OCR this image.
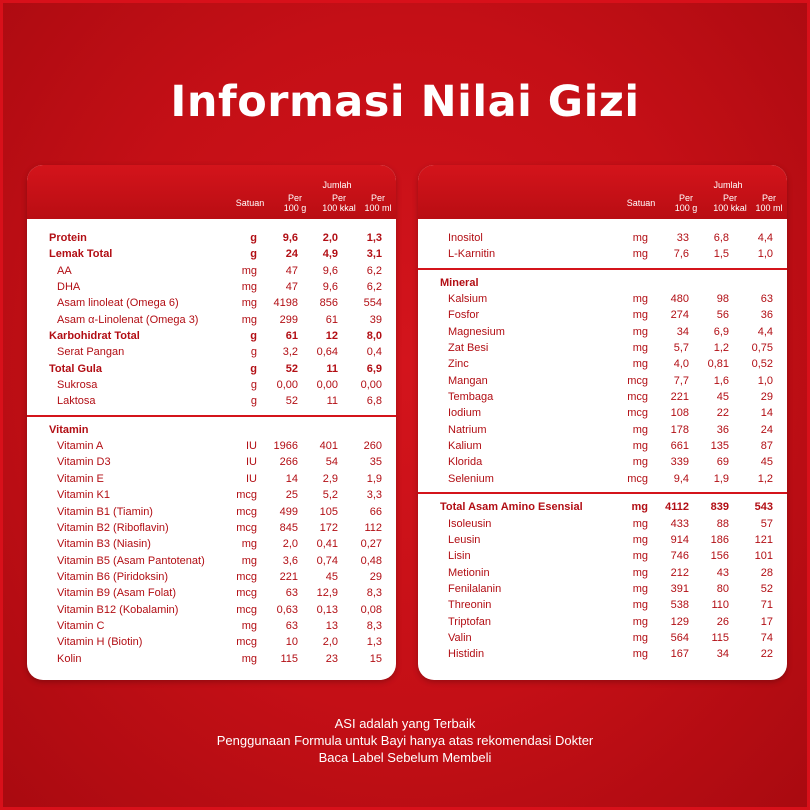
Informasi Nilai Gizi
Satuan
Jumlah
Per
100 g
Per
100 kkal
Per
100 ml
Protein	g 9,6 2,0	1,3
Lemak Total	g	24 4,9	3,1
AA	mg	47 9,6	6,2
DHA	mg	47 9,6	6,2
Asam linoleat (Omega 6)	mg 4198 856 554
Asam α-Linolenat (Omega 3)	mg 299	61	39
Karbohidrat Total	g	61	12	8,0
Serat Pangan	g 3,2 0,64	0,4
Total Gula	g	52	11	6,9
Sukrosa	g 0,00 0,00 0,00
Laktosa	g	52	11	6,8
Vitamin
Vitamin A	IU 1966 401 260
Vitamin D3	IU 266	54	35
Vitamin E	IU	14 2,9	1,9
Vitamin K1	mcg	25 5,2	3,3
Vitamin B1 (Tiamin)	mcg 499 105	66
Vitamin B2 (Riboflavin)	mcg 845 172 112
Vitamin B3 (Niasin)	mg 2,0 0,41 0,27
Vitamin B5 (Asam Pantotenat)	mg 3,6 0,74 0,48
Vitamin B6 (Piridoksin)	mcg 221	45	29
Vitamin B9 (Asam Folat)	mcg	63 12,9	8,3
Vitamin B12 (Kobalamin)	mcg 0,63 0,13 0,08
Vitamin C	mg	63	13	8,3
Vitamin H (Biotin)	mcg	10 2,0	1,3
Kolin	mg 115	23	15
Satuan
Jumlah
Per
100 g
Per
100 kkal
Per
100 ml
Inositol	mg	33 6,8	4,4
L-Karnitin	mg 7,6 1,5	1,0
Mineral
Kalsium	mg 480	98	63
Fosfor	mg 274	56	36
Magnesium	mg	34 6,9	4,4
Zat Besi	mg 5,7 1,2 0,75
Zinc	mg 4,0 0,81 0,52
Mangan	mcg 7,7 1,6	1,0
Tembaga	mcg 221	45	29
Iodium	mcg 108	22	14
Natrium	mg 178	36	24
Kalium	mg 661 135	87
Klorida	mg 339	69	45
Selenium	mcg 9,4 1,9	1,2
Total Asam Amino Esensial	mg 4112 839 543
Isoleusin	mg 433	88	57
Leusin	mg 914 186 121
Lisin	mg 746 156 101
Metionin	mg 212	43	28
Fenilalanin	mg 391	80	52
Threonin	mg 538 110	71
Triptofan	mg 129	26	17
Valin	mg 564 115	74
Histidin	mg 167	34	22
ASI adalah yang Terbaik
Penggunaan Formula untuk Bayi hanya atas rekomendasi Dokter
Baca Label Sebelum Membeli
